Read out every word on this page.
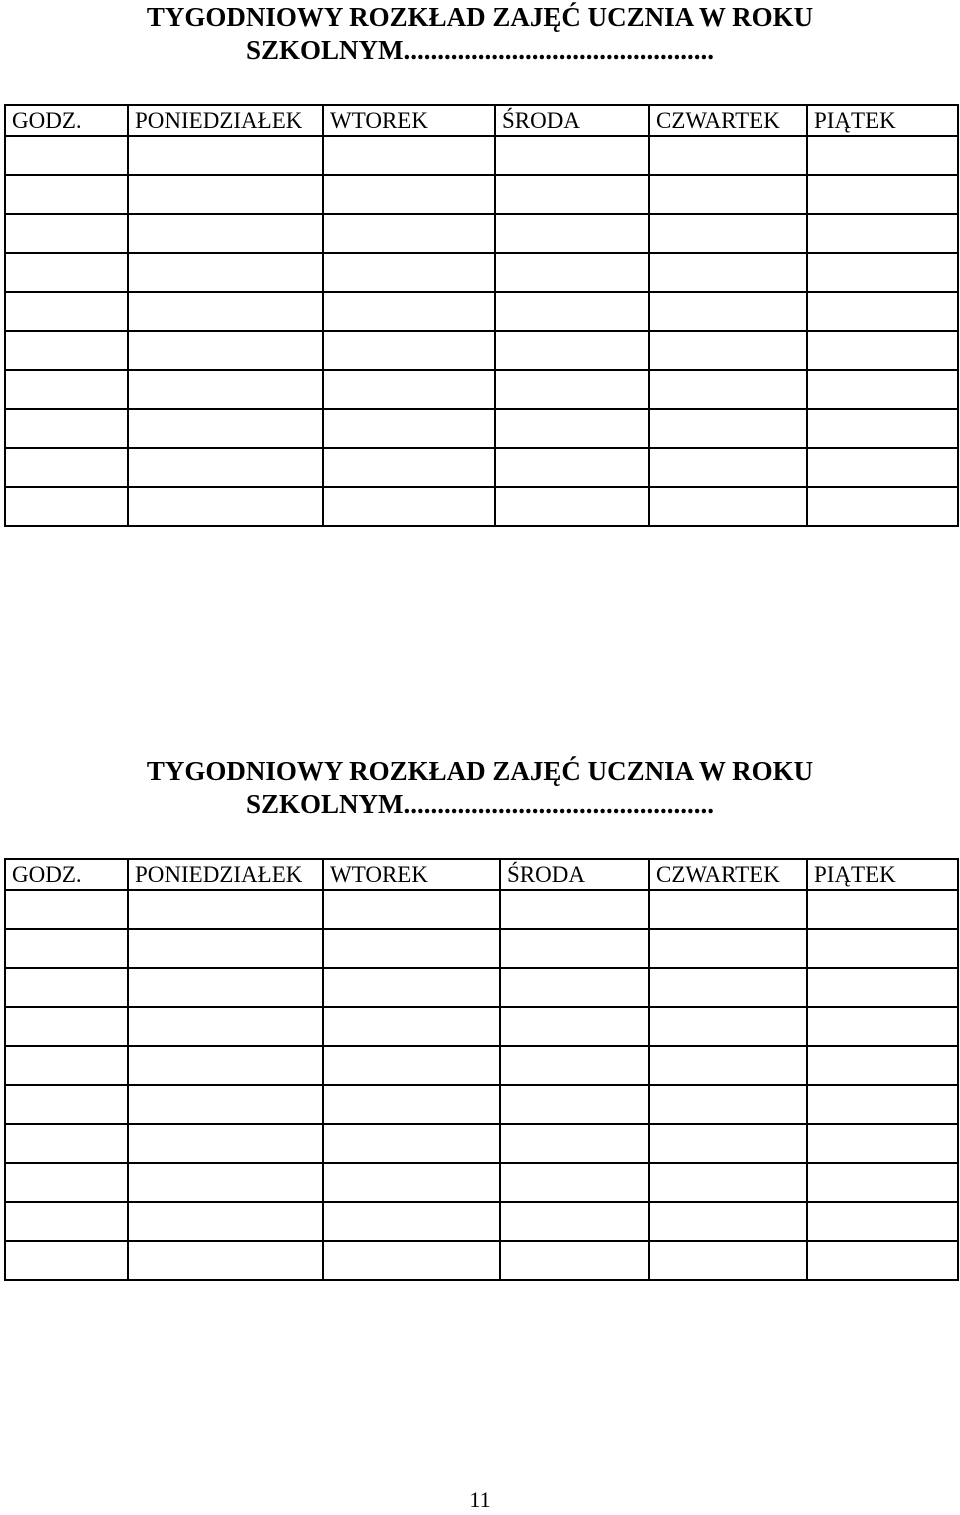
TYGODNIOWY ROZKŁAD ZAJĘĆ UCZNIA W ROKU
SZKOLNYM..............................................
GODZ.	PONIEDZIAŁEK	WTOREK	ŚRODA	CZWARTEK	PIĄTEK

TYGODNIOWY ROZKŁAD ZAJĘĆ UCZNIA W ROKU
SZKOLNYM..............................................
GODZ.	PONIEDZIAŁEK	WTOREK	ŚRODA	CZWARTEK	PIĄTEK

11
